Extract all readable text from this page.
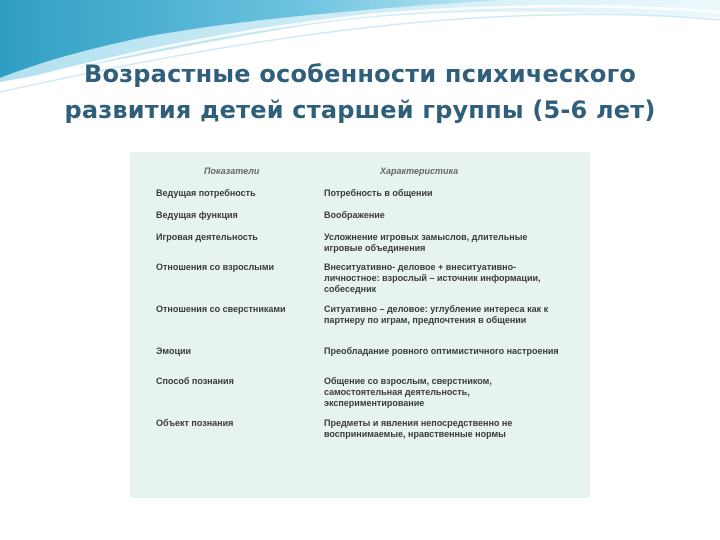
Возрастные особенности психического развития детей старшей группы (5-6 лет)
Показатели	Характеристика
Ведущая потребность	Потребность в общении
Ведущая функция	Воображение
Игровая деятельность	Усложнение игровых замыслов, длительные игровые объединения
Отношения со взрослыми	Внеситуативно- деловое + внеситуативно-личностное: взрослый – источник информации, собеседник
Отношения со сверстниками	Ситуативно – деловое: углубление интереса как к партнеру по играм, предпочтения в общении
Эмоции	Преобладание ровного оптимистичного настроения
Способ познания	Общение со взрослым, сверстником, самостоятельная деятельность, экспериментирование
Объект познания	Предметы и явления непосредственно не воспринимаемые, нравственные нормы
